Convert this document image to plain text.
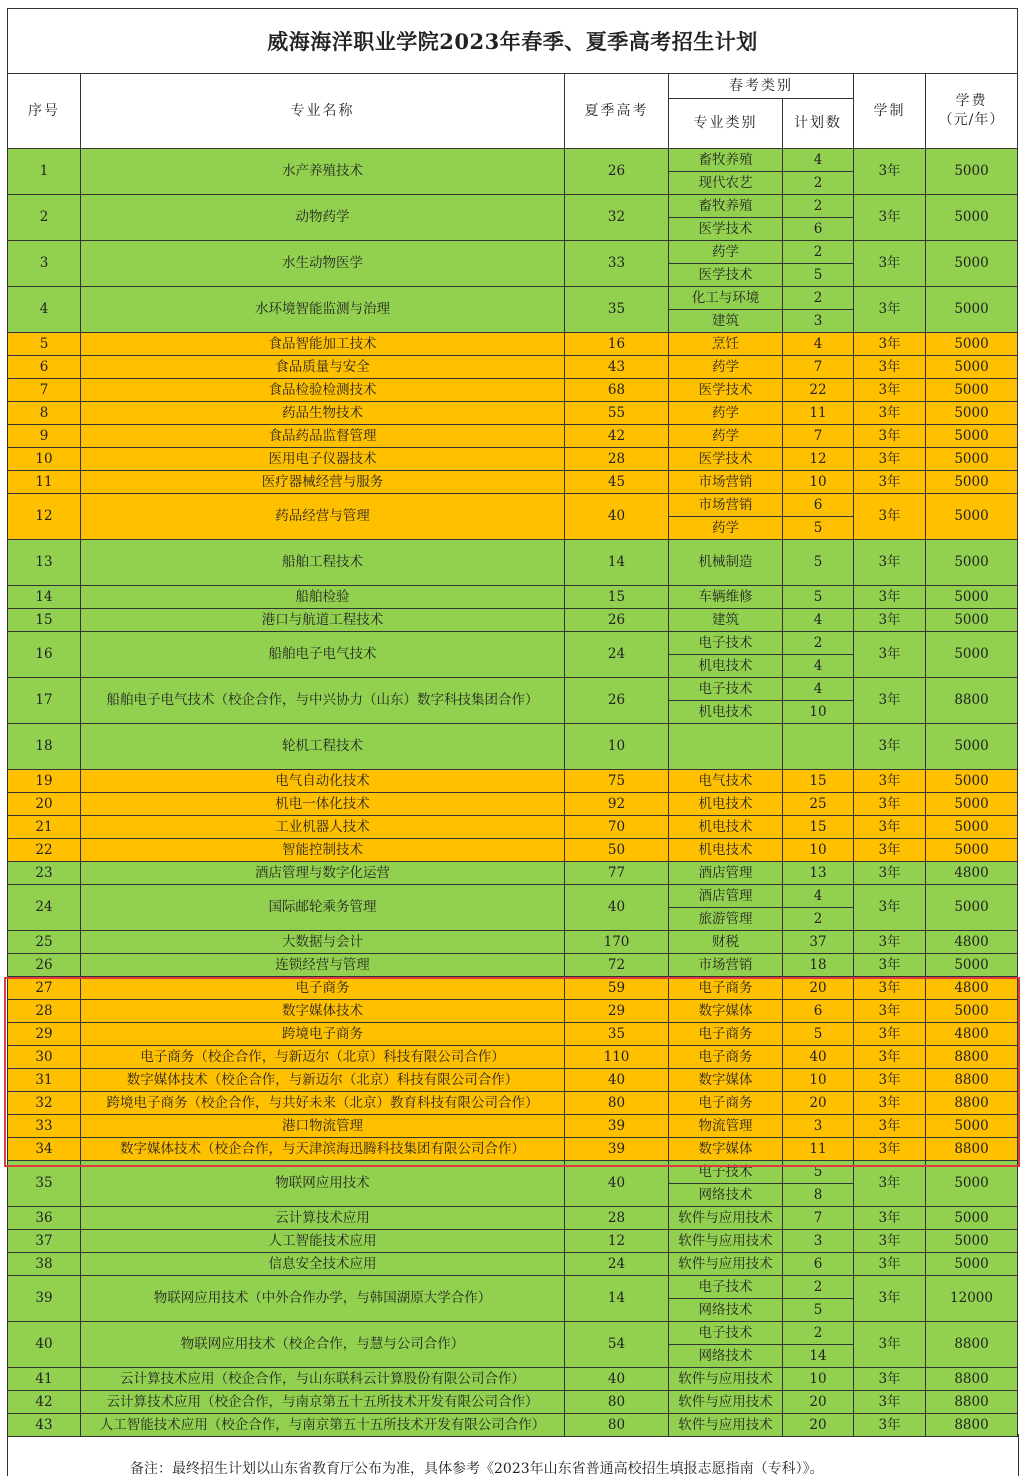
威海海洋职业学院2023年春季、夏季高考招生计划						
序号	专业名称	夏季高考	春考类别		学制	学费
（元/年）

			专业类别	计划数		
1	水产养殖技术	26	畜牧养殖	4	3年	5000
			现代农艺	2		
2	动物药学	32	畜牧养殖	2	3年	5000
			医学技术	6		
3	水生动物医学	33	药学	2	3年	5000
			医学技术	5		
4	水环境智能监测与治理	35	化工与环境	2	3年	5000
			建筑	3		
5	食品智能加工技术	16	烹饪	4	3年	5000
6	食品质量与安全	43	药学	7	3年	5000
7	食品检验检测技术	68	医学技术	22	3年	5000
8	药品生物技术	55	药学	11	3年	5000
9	食品药品监督管理	42	药学	7	3年	5000
10	医用电子仪器技术	28	医学技术	12	3年	5000
11	医疗器械经营与服务	45	市场营销	10	3年	5000
12	药品经营与管理	40	市场营销	6	3年	5000
			药学	5		
13	船舶工程技术	14	机械制造	5	3年	5000
14	船舶检验	15	车辆维修	5	3年	5000
15	港口与航道工程技术	26	建筑	4	3年	5000
16	船舶电子电气技术	24	电子技术	2	3年	5000
			机电技术	4		
17	船舶电子电气技术（校企合作，与中兴协力（山东）数字科技集团合作）	26	电子技术	4	3年	8800
			机电技术	10		
18	轮机工程技术	10			3年	5000
19	电气自动化技术	75	电气技术	15	3年	5000
20	机电一体化技术	92	机电技术	25	3年	5000
21	工业机器人技术	70	机电技术	15	3年	5000
22	智能控制技术	50	机电技术	10	3年	5000
23	酒店管理与数字化运营	77	酒店管理	13	3年	4800
24	国际邮轮乘务管理	40	酒店管理	4	3年	5000
			旅游管理	2		
25	大数据与会计	170	财税	37	3年	4800
26	连锁经营与管理	72	市场营销	18	3年	5000
27	电子商务	59	电子商务	20	3年	4800
28	数字媒体技术	29	数字媒体	6	3年	5000
29	跨境电子商务	35	电子商务	5	3年	4800
30	电子商务（校企合作，与新迈尔（北京）科技有限公司合作）	110	电子商务	40	3年	8800
31	数字媒体技术（校企合作，与新迈尔（北京）科技有限公司合作）	40	数字媒体	10	3年	8800
32	跨境电子商务（校企合作，与共好未来（北京）教育科技有限公司合作）	80	电子商务	20	3年	8800
33	港口物流管理	39	物流管理	3	3年	5000
34	数字媒体技术（校企合作，与天津滨海迅腾科技集团有限公司合作）	39	数字媒体	11	3年	8800
35	物联网应用技术	40	电子技术	5	3年	5000
			网络技术	8		
36	云计算技术应用	28	软件与应用技术	7	3年	5000
37	人工智能技术应用	12	软件与应用技术	3	3年	5000
38	信息安全技术应用	24	软件与应用技术	6	3年	5000
39	物联网应用技术（中外合作办学，与韩国湖原大学合作）	14	电子技术	2	3年	12000
			网络技术	5		
40	物联网应用技术（校企合作，与慧与公司合作）	54	电子技术	2	3年	8800
			网络技术	14		
41	云计算技术应用（校企合作，与山东联科云计算股份有限公司合作）	40	软件与应用技术	10	3年	8800
42	云计算技术应用（校企合作，与南京第五十五所技术开发有限公司合作）	80	软件与应用技术	20	3年	8800
43	人工智能技术应用（校企合作，与南京第五十五所技术开发有限公司合作）	80	软件与应用技术	20	3年	8800
备注：最终招生计划以山东省教育厅公布为准，具体参考《2023年山东省普通高校招生填报志愿指南（专科）》。
